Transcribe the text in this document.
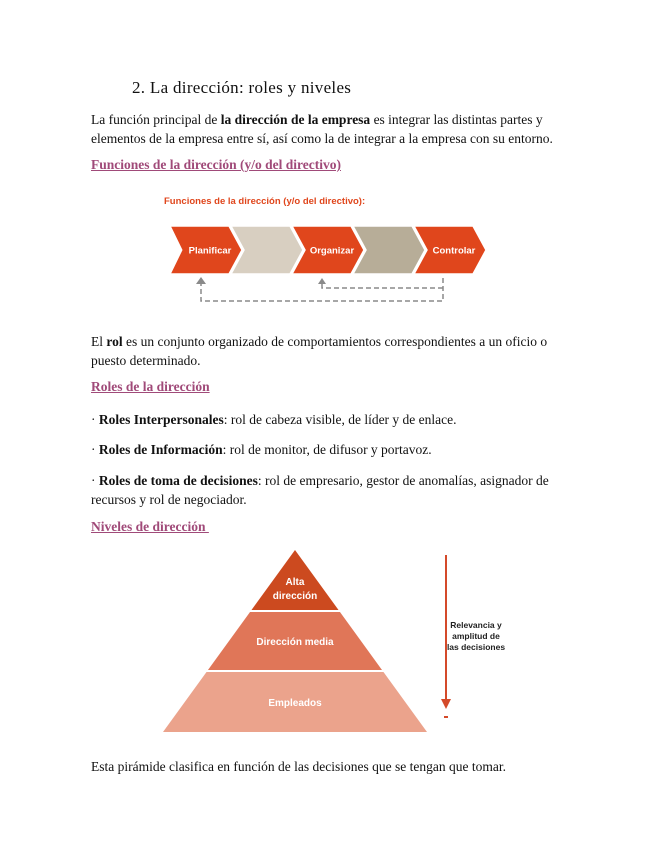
2. La dirección: roles y niveles
La función principal de la dirección de la empresa es integrar las distintas partes y
elementos de la empresa entre sí, así como la de integrar a la empresa con su entorno.
Funciones de la dirección (y/o del directivo)
Funciones de la dirección (y/o del directivo):
Planificar	Organizar	Controlar
El rol es un conjunto organizado de comportamientos correspondientes a un oficio o
puesto determinado.
Roles de la dirección
· Roles Interpersonales: rol de cabeza visible, de líder y de enlace.
· Roles de Información: rol de monitor, de difusor y portavoz.
· Roles de toma de decisiones: rol de empresario, gestor de anomalías, asignador de
recursos y rol de negociador.
Niveles de dirección
Alta
dirección
Dirección media
Empleados
Relevancia y
amplitud de
las decisiones
Esta pirámide clasifica en función de las decisiones que se tengan que tomar.
